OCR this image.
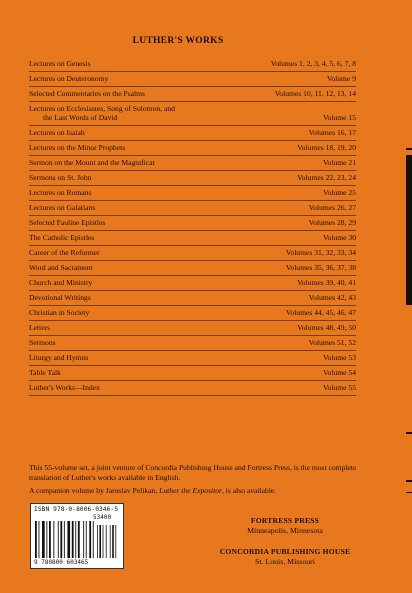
LUTHER'S WORKS
Lectures on Genesis	Volumes 1, 2, 3, 4, 5, 6, 7, 8
Lectures on Deuteronomy	Volume 9
Selected Commentaries on the Psalms	Volumes 10, 11, 12, 13, 14
Lectures on Ecclesiastes, Song of Solomon, and
the Last Words of David	Volume 15
Lectures on Isaiah	Volumes 16, 17
Lectures on the Minor Prophets	Volumes 18, 19, 20
Sermon on the Mount and the Magnificat	Volume 21
Sermons on St. John	Volumes 22, 23, 24
Lectures on Romans	Volume 25
Lectures on Galatians	Volumes 26, 27
Selected Pauline Epistles	Volumes 28, 29
The Catholic Epistles	Volume 30
Career of the Reformer	Volumes 31, 32, 33, 34
Word and Sacrament	Volumes 35, 36, 37, 38
Church and Ministry	Volumes 39, 40, 41
Devotional Writings	Volumes 42, 43
Christian in Society	Volumes 44, 45, 46, 47
Letters	Volumes 48, 49, 50
Sermons	Volumes 51, 52
Liturgy and Hymns	Volume 53
Table Talk	Volume 54
Luther's Works—Index	Volume 55

This 55-volume set, a joint venture of Concordia Publishing House and Fortress Press, is the most complete translation of Luther's works available in English.

A companion volume by Jaroslav Pelikan, Luther the Expositor, is also available.

ISBN 978-0-8006-0346-5
53400
9 780800 603465
FORTRESS PRESS
Minneapolis, Minnesota
CONCORDIA PUBLISHING HOUSE
St. Louis, Missouri
